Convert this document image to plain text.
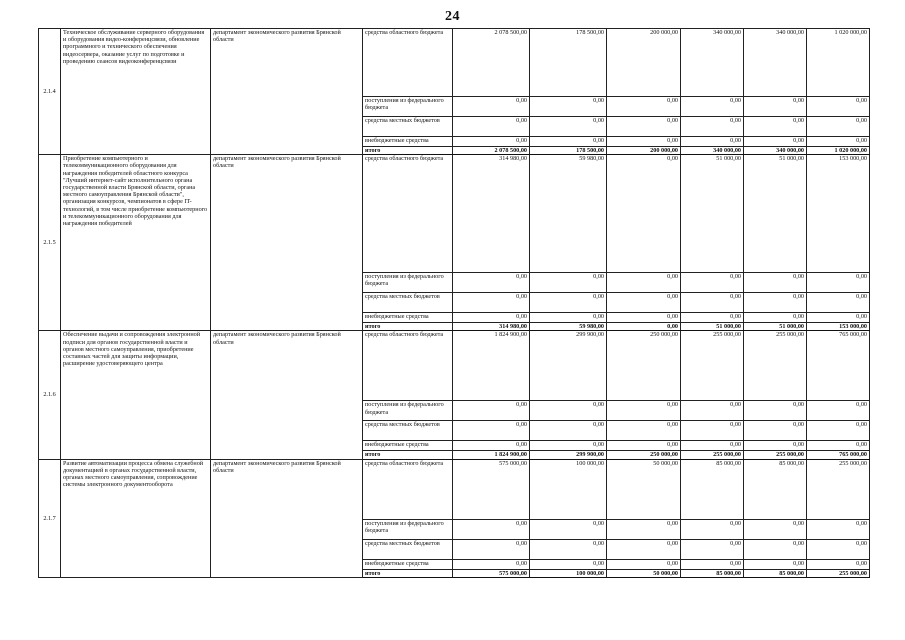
24
2.1.4	Техническое обслуживание серверного оборудования и оборудования видео-конференцсвязи, обновление программного и технического обеспечения видеосервера, оказание услуг по подготовке и проведению сеансов видеоконференцсвязи	департамент экономического развития Брянской области	средства областного бюджета	2 078 500,00	178 500,00	200 000,00	340 000,00	340 000,00	1 020 000,00
			поступления из федерального бюджета	0,00	0,00	0,00	0,00	0,00	0,00
			средства местных бюджетов	0,00	0,00	0,00	0,00	0,00	0,00
			внебюджетные средства	0,00	0,00	0,00	0,00	0,00	0,00
			итого	2 078 500,00	178 500,00	200 000,00	340 000,00	340 000,00	1 020 000,00
2.1.5	Приобретение компьютерного и телекоммуникационного оборудования для награждения победителей областного конкурса "Лучший интернет-сайт исполнительного органа государственной власти Брянской области, органа местного самоуправления Брянской области", организация конкурсов, чемпионатов в сфере IT- технологий, в том числе приобретение компьютерного и телекоммуникационного оборудования для награждения победителей	департамент экономического развития Брянской области	средства областного бюджета	314 980,00	59 980,00	0,00	51 000,00	51 000,00	153 000,00
			поступления из федерального бюджета	0,00	0,00	0,00	0,00	0,00	0,00
			средства местных бюджетов	0,00	0,00	0,00	0,00	0,00	0,00
			внебюджетные средства	0,00	0,00	0,00	0,00	0,00	0,00
			итого	314 980,00	59 980,00	0,00	51 000,00	51 000,00	153 000,00
2.1.6	Обеспечение выдачи и сопровождения электронной подписи для органов государственной власти и органов местного самоуправления, приобретение составных частей для защиты информации, расширение удостоверяющего центра	департамент экономического развития Брянской области	средства областного бюджета	1 824 900,00	299 900,00	250 000,00	255 000,00	255 000,00	765 000,00
			поступления из федерального бюджета	0,00	0,00	0,00	0,00	0,00	0,00
			средства местных бюджетов	0,00	0,00	0,00	0,00	0,00	0,00
			внебюджетные средства	0,00	0,00	0,00	0,00	0,00	0,00
			итого	1 824 900,00	299 900,00	250 000,00	255 000,00	255 000,00	765 000,00
2.1.7	Развитие автоматизации процесса обмена служебной документацией в органах государственной власти, органах местного самоуправления, сопровождение системы электронного документооборота	департамент экономического развития Брянской области	средства областного бюджета	575 000,00	100 000,00	50 000,00	85 000,00	85 000,00	255 000,00
			поступления из федерального бюджета	0,00	0,00	0,00	0,00	0,00	0,00
			средства местных бюджетов	0,00	0,00	0,00	0,00	0,00	0,00
			внебюджетные средства	0,00	0,00	0,00	0,00	0,00	0,00
			итого	575 000,00	100 000,00	50 000,00	85 000,00	85 000,00	255 000,00
